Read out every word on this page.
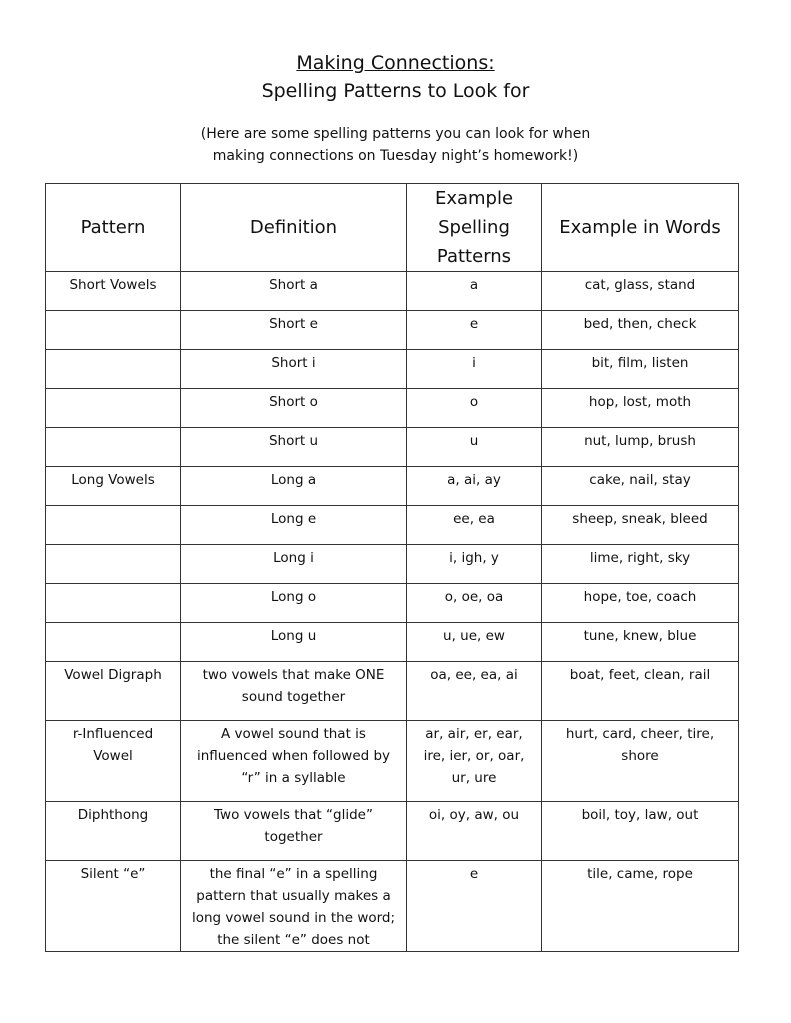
Making Connections:
Spelling Patterns to Look for
(Here are some spelling patterns you can look for when
making connections on Tuesday night’s homework!)
Pattern	Definition	Example Spelling Patterns	Example in Words
Short Vowels	Short a	a	cat, glass, stand
	Short e	e	bed, then, check
	Short i	i	bit, film, listen
	Short o	o	hop, lost, moth
	Short u	u	nut, lump, brush
Long Vowels	Long a	a, ai, ay	cake, nail, stay
	Long e	ee, ea	sheep, sneak, bleed
	Long i	i, igh, y	lime, right, sky
	Long o	o, oe, oa	hope, toe, coach
	Long u	u, ue, ew	tune, knew, blue
Vowel Digraph	two vowels that make ONE sound together	oa, ee, ea, ai	boat, feet, clean, rail
r-Influenced Vowel	A vowel sound that is influenced when followed by “r” in a syllable	ar, air, er, ear, ire, ier, or, oar, ur, ure	hurt, card, cheer, tire, shore
Diphthong	Two vowels that “glide” together	oi, oy, aw, ou	boil, toy, law, out
Silent “e”	the final “e” in a spelling pattern that usually makes a long vowel sound in the word; the silent “e” does not	e	tile, came, rope
